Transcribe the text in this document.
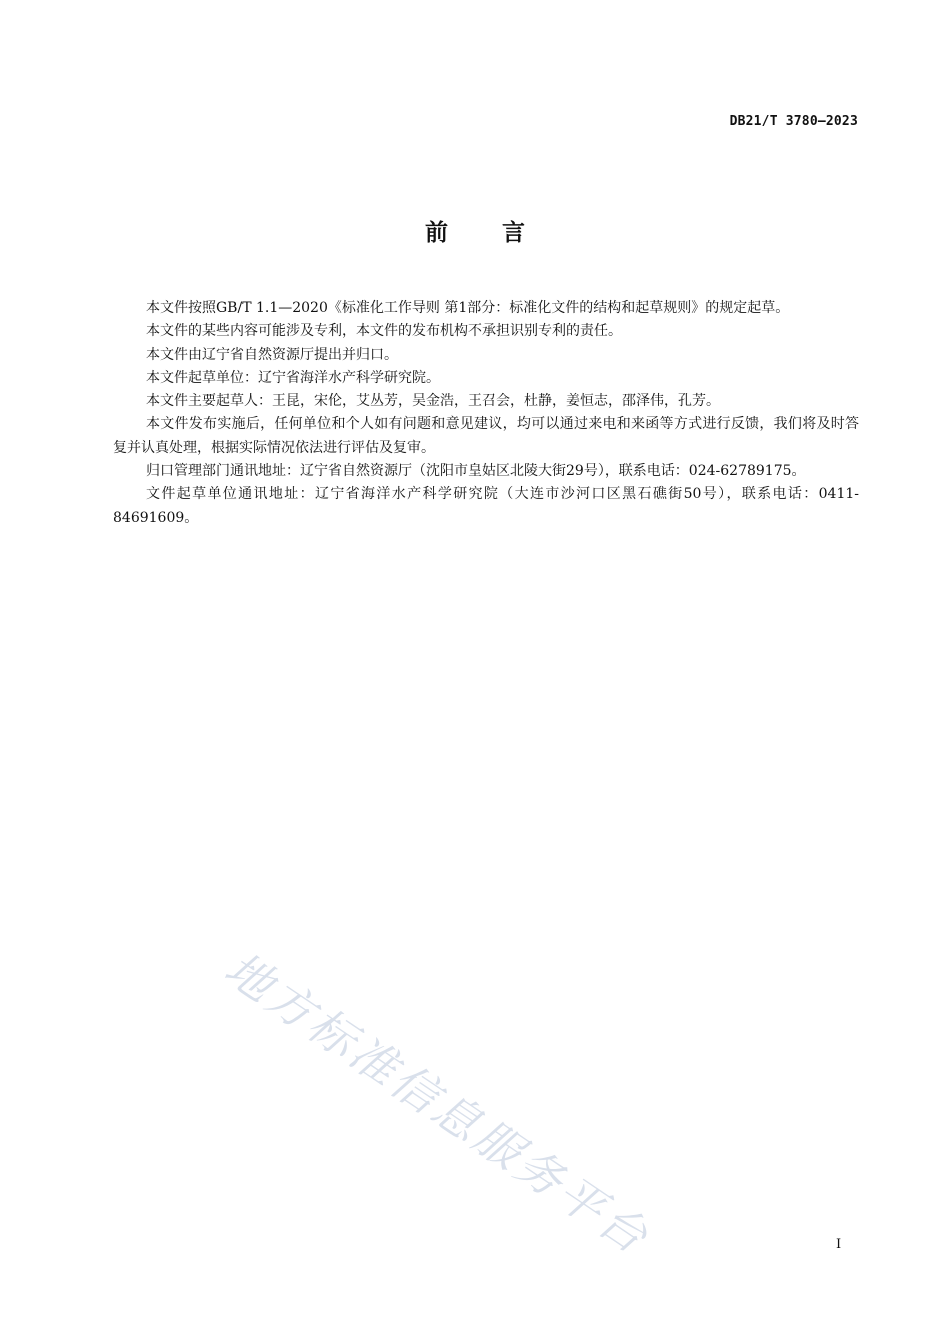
DB21/T 3780—2023
前言

本文件按照GB/T 1.1—2020《标准化工作导则 第1部分：标准化文件的结构和起草规则》的规定起草。

本文件的某些内容可能涉及专利，本文件的发布机构不承担识别专利的责任。

本文件由辽宁省自然资源厅提出并归口。

本文件起草单位：辽宁省海洋水产科学研究院。

本文件主要起草人：王昆，宋伦，艾丛芳，吴金浩，王召会，杜静，姜恒志，邵泽伟，孔芳。

本文件发布实施后，任何单位和个人如有问题和意见建议，均可以通过来电和来函等方式进行反馈，我们将及时答复并认真处理，根据实际情况依法进行评估及复审。

归口管理部门通讯地址：辽宁省自然资源厅（沈阳市皇姑区北陵大街29号），联系电话：024-62789175。

文件起草单位通讯地址：辽宁省海洋水产科学研究院（大连市沙河口区黑石礁街50号），联系电话：0411-84691609。

地方标准信息服务平台	I
